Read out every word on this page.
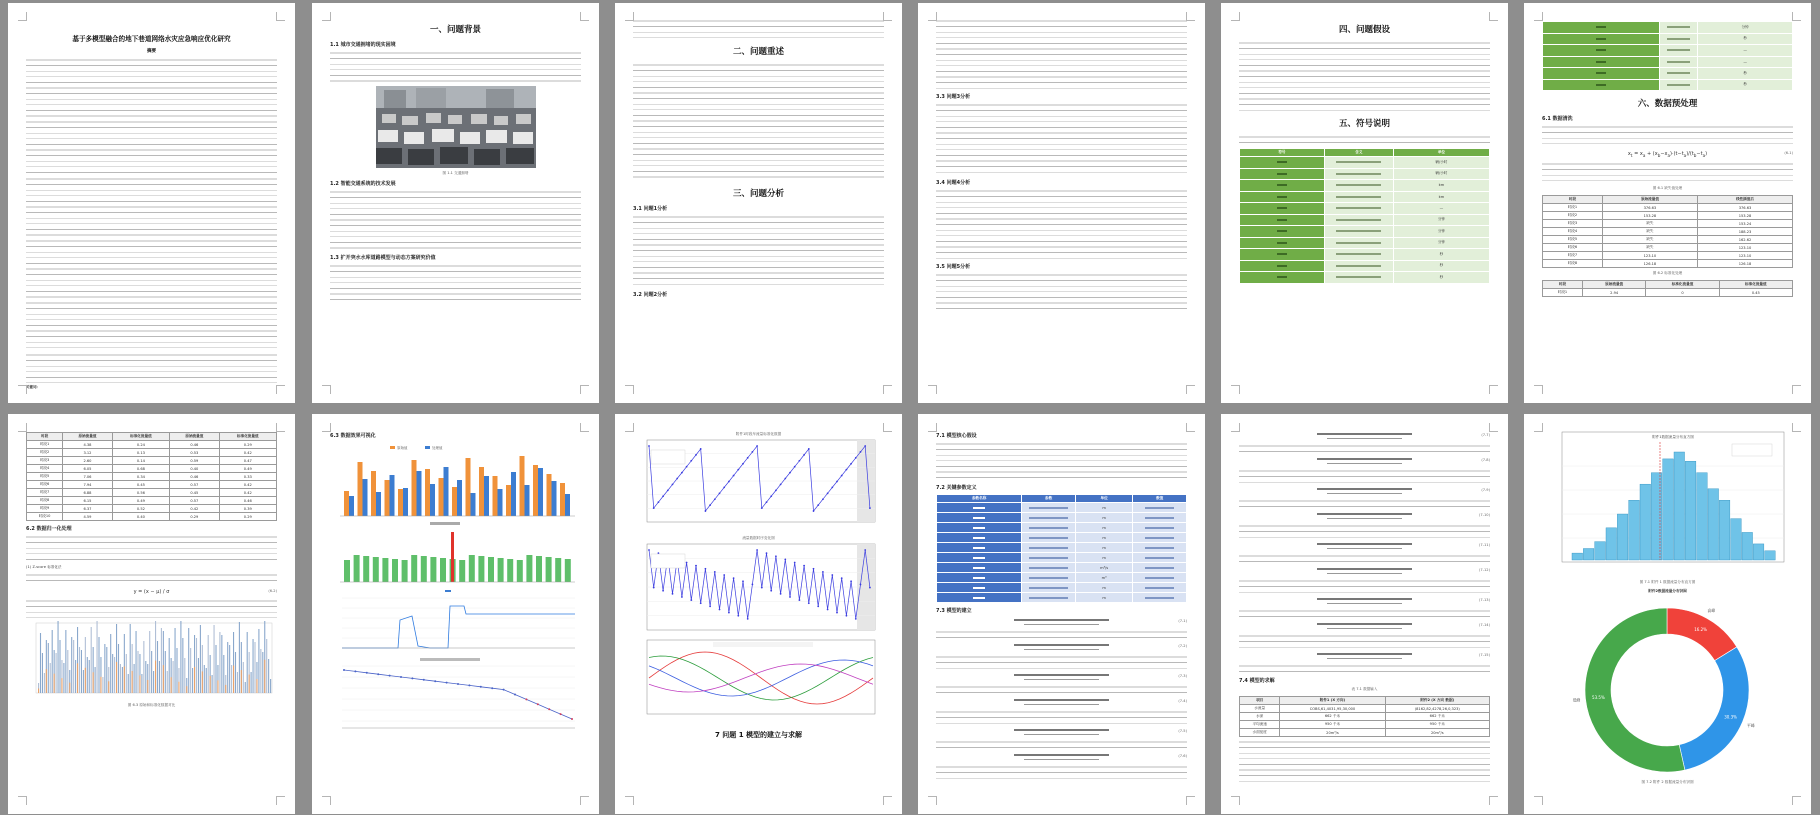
基于多模型融合的地下巷道网络水灾应急响应优化研究
摘要
关键词：
一、问题背景
1.1 城市交通拥堵的现实困境
图 1.1 交通拥堵
1.2 智能交通系统的技术发展
1.3 扩开突水水库道路模型与动态方案研究价值
二、问题重述
三、问题分析
3.1 问题1分析
3.2 问题2分析
3.3 问题3分析
3.4 问题4分析
3.5 问题5分析
四、问题假设
五、符号说明
符号	含义	单位

	辆/小时

	辆/小时

	km

	km

	—

	分钟

	分钟

	分钟

	秒

	秒

	秒

	分钟

	秒

	—

	—

	秒

	秒
六、数据预处理
6.1 数据清洗
$x_t = x_a + (x_b-x_a)\cdot(t-t_a)/(t_b-t_a)$	(6-1)
图 6.1 缺失值处理
时段	原始流量值	线性插值后
时段1	376.63	376.63
时段2	153.28	153.28
时段3	缺失	153.24
时段4	缺失	188.23
时段5	缺失	162.62
时段6	缺失	123.10
时段7	123.10	123.10
时段8	126.18	126.18
图 6.2 标准化处理
时段	原始流量值	标准化流量值	标准化流量值
时段1	2.94	0	0.45
时段	原始流量值	标准化流量值	原始流量值	标准化流量值
时段1	4.38	0.24	0.46	0.29
时段2	3.12	0.13	0.53	0.42
时段3	2.60	0.14	0.59	0.47
时段4	6.05	0.68	0.40	0.49
时段5	7.06	0.34	0.46	0.33
时段6	7.94	0.45	0.57	0.42
时段7	6.88	0.56	0.45	0.42
时段8	6.15	0.49	0.57	0.46
时段9	6.37	0.52	0.42	0.39
时段10	4.59	0.40	0.29	0.29
6.2 数据归一化处理
(1) Z-score 标准化法
y = (x − μ) / σ	(6-2)
图 6.3 原始和标准化数据对比
6.3 数据效果可视化
原始值	处理值
附件1时段车流量标准化数据
流量数据时序变化图
7 问题 1 模型的建立与求解
7.1 模型核心假设
7.2 关键参数定义
参数名称	参数	单位	数值

	m	

	m	

	m	

	m	

	m	

	m	

	m³/s	

	m³	

	m	

	m	
7.3 模型的建立
(7-1)
(7-2)
(7-3)
(7-4)
(7-5)
(7-6)
(7-7)
(7-8)
(7-9)
(7-10)
(7-11)
(7-12)
(7-13)
(7-14)
(7-15)
7.4 模型的求解
表 7.1 数据输入
项目	附件1 (X 方向)	附件2 (X 方向 数据)
水流量	COBS,61,4031,95,30,000	(8162,82,4278,26,0,323)
水深	662 千米	662 千米
平均流速	950 千米	950 千米
水面宽度	20m³/s	20m³/s
附件1数据流量分布直方图
图 7.1 附件 1 数据流量分布直方图
附件2数据流量分布饼图
16.2%
高峰
30.3%
平峰
53.5%
低峰
图 7.2 附件 2 数据流量分布饼图
